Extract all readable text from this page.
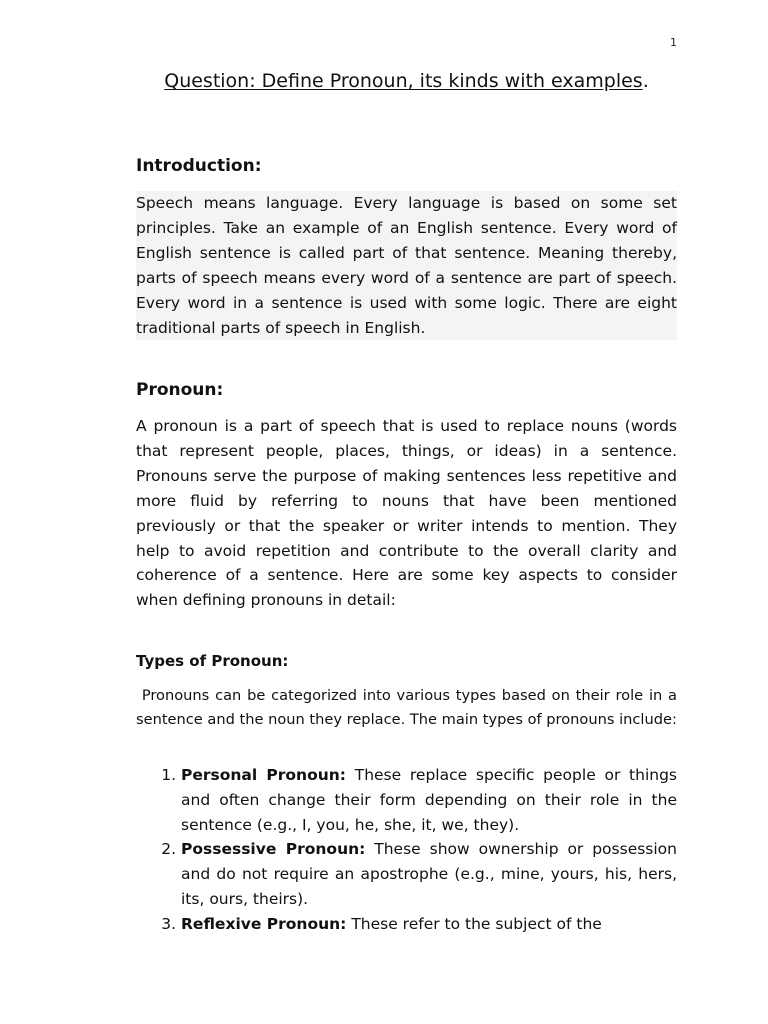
1
Question: Define Pronoun, its kinds with examples.
Introduction:

Speech means language. Every language is based on some set principles. Take an example of an English sentence. Every word of English sentence is called part of that sentence. Meaning thereby, parts of speech means every word of a sentence are part of speech. Every word in a sentence is used with some logic. There are eight traditional parts of speech in English.

Pronoun:

A pronoun is a part of speech that is used to replace nouns (words that represent people, places, things, or ideas) in a sentence. Pronouns serve the purpose of making sentences less repetitive and more fluid by referring to nouns that have been mentioned previously or that the speaker or writer intends to mention. They help to avoid repetition and contribute to the overall clarity and coherence of a sentence. Here are some key aspects to consider when defining pronouns in detail:

Types of Pronoun:

Pronouns can be categorized into various types based on their role in a sentence and the noun they replace. The main types of pronouns include:

1. Personal Pronoun: These replace specific people or things and often change their form depending on their role in the sentence (e.g., I, you, he, she, it, we, they).
2. Possessive Pronoun: These show ownership or possession and do not require an apostrophe (e.g., mine, yours, his, hers, its, ours, theirs).
3. Reflexive Pronoun: These refer to the subject of the
